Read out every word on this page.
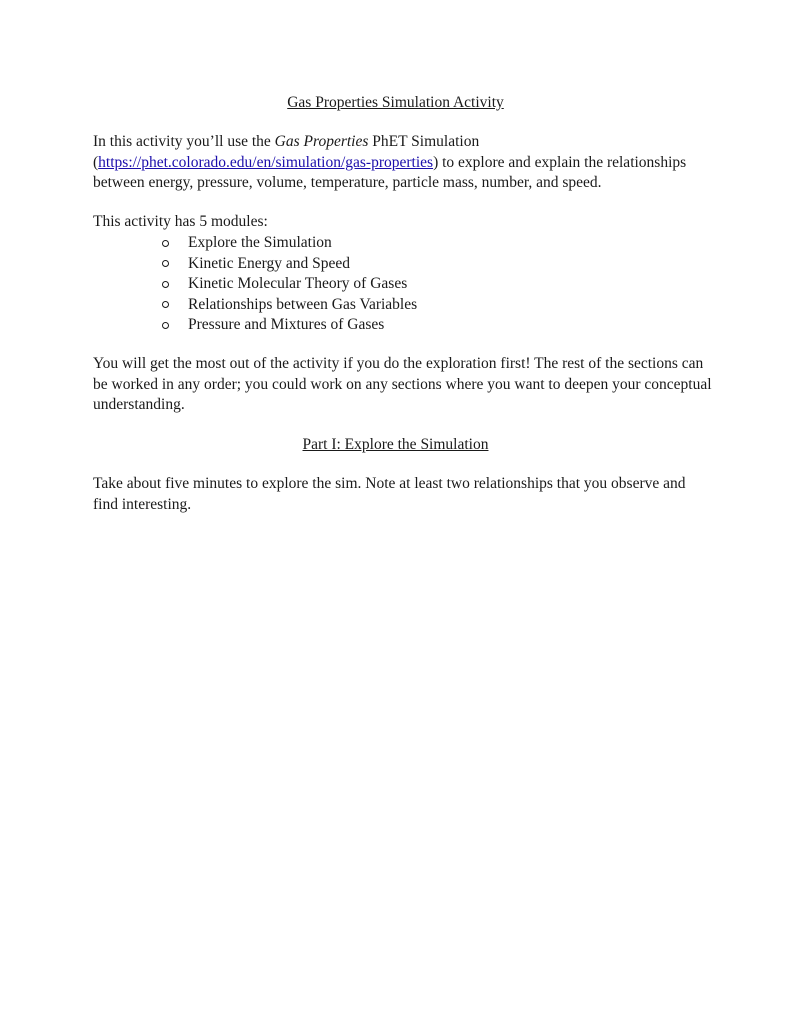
Gas Properties Simulation Activity

In this activity you’ll use the Gas Properties PhET Simulation
(https://phet.colorado.edu/en/simulation/gas-properties) to explore and explain the relationships
between energy, pressure, volume, temperature, particle mass, number, and speed.

This activity has 5 modules:

Explore the Simulation
Kinetic Energy and Speed
Kinetic Molecular Theory of Gases
Relationships between Gas Variables
Pressure and Mixtures of Gases

You will get the most out of the activity if you do the exploration first! The rest of the sections can be worked in any order; you could work on any sections where you want to deepen your conceptual understanding.

Part I: Explore the Simulation

Take about five minutes to explore the sim. Note at least two relationships that you observe and find interesting.
